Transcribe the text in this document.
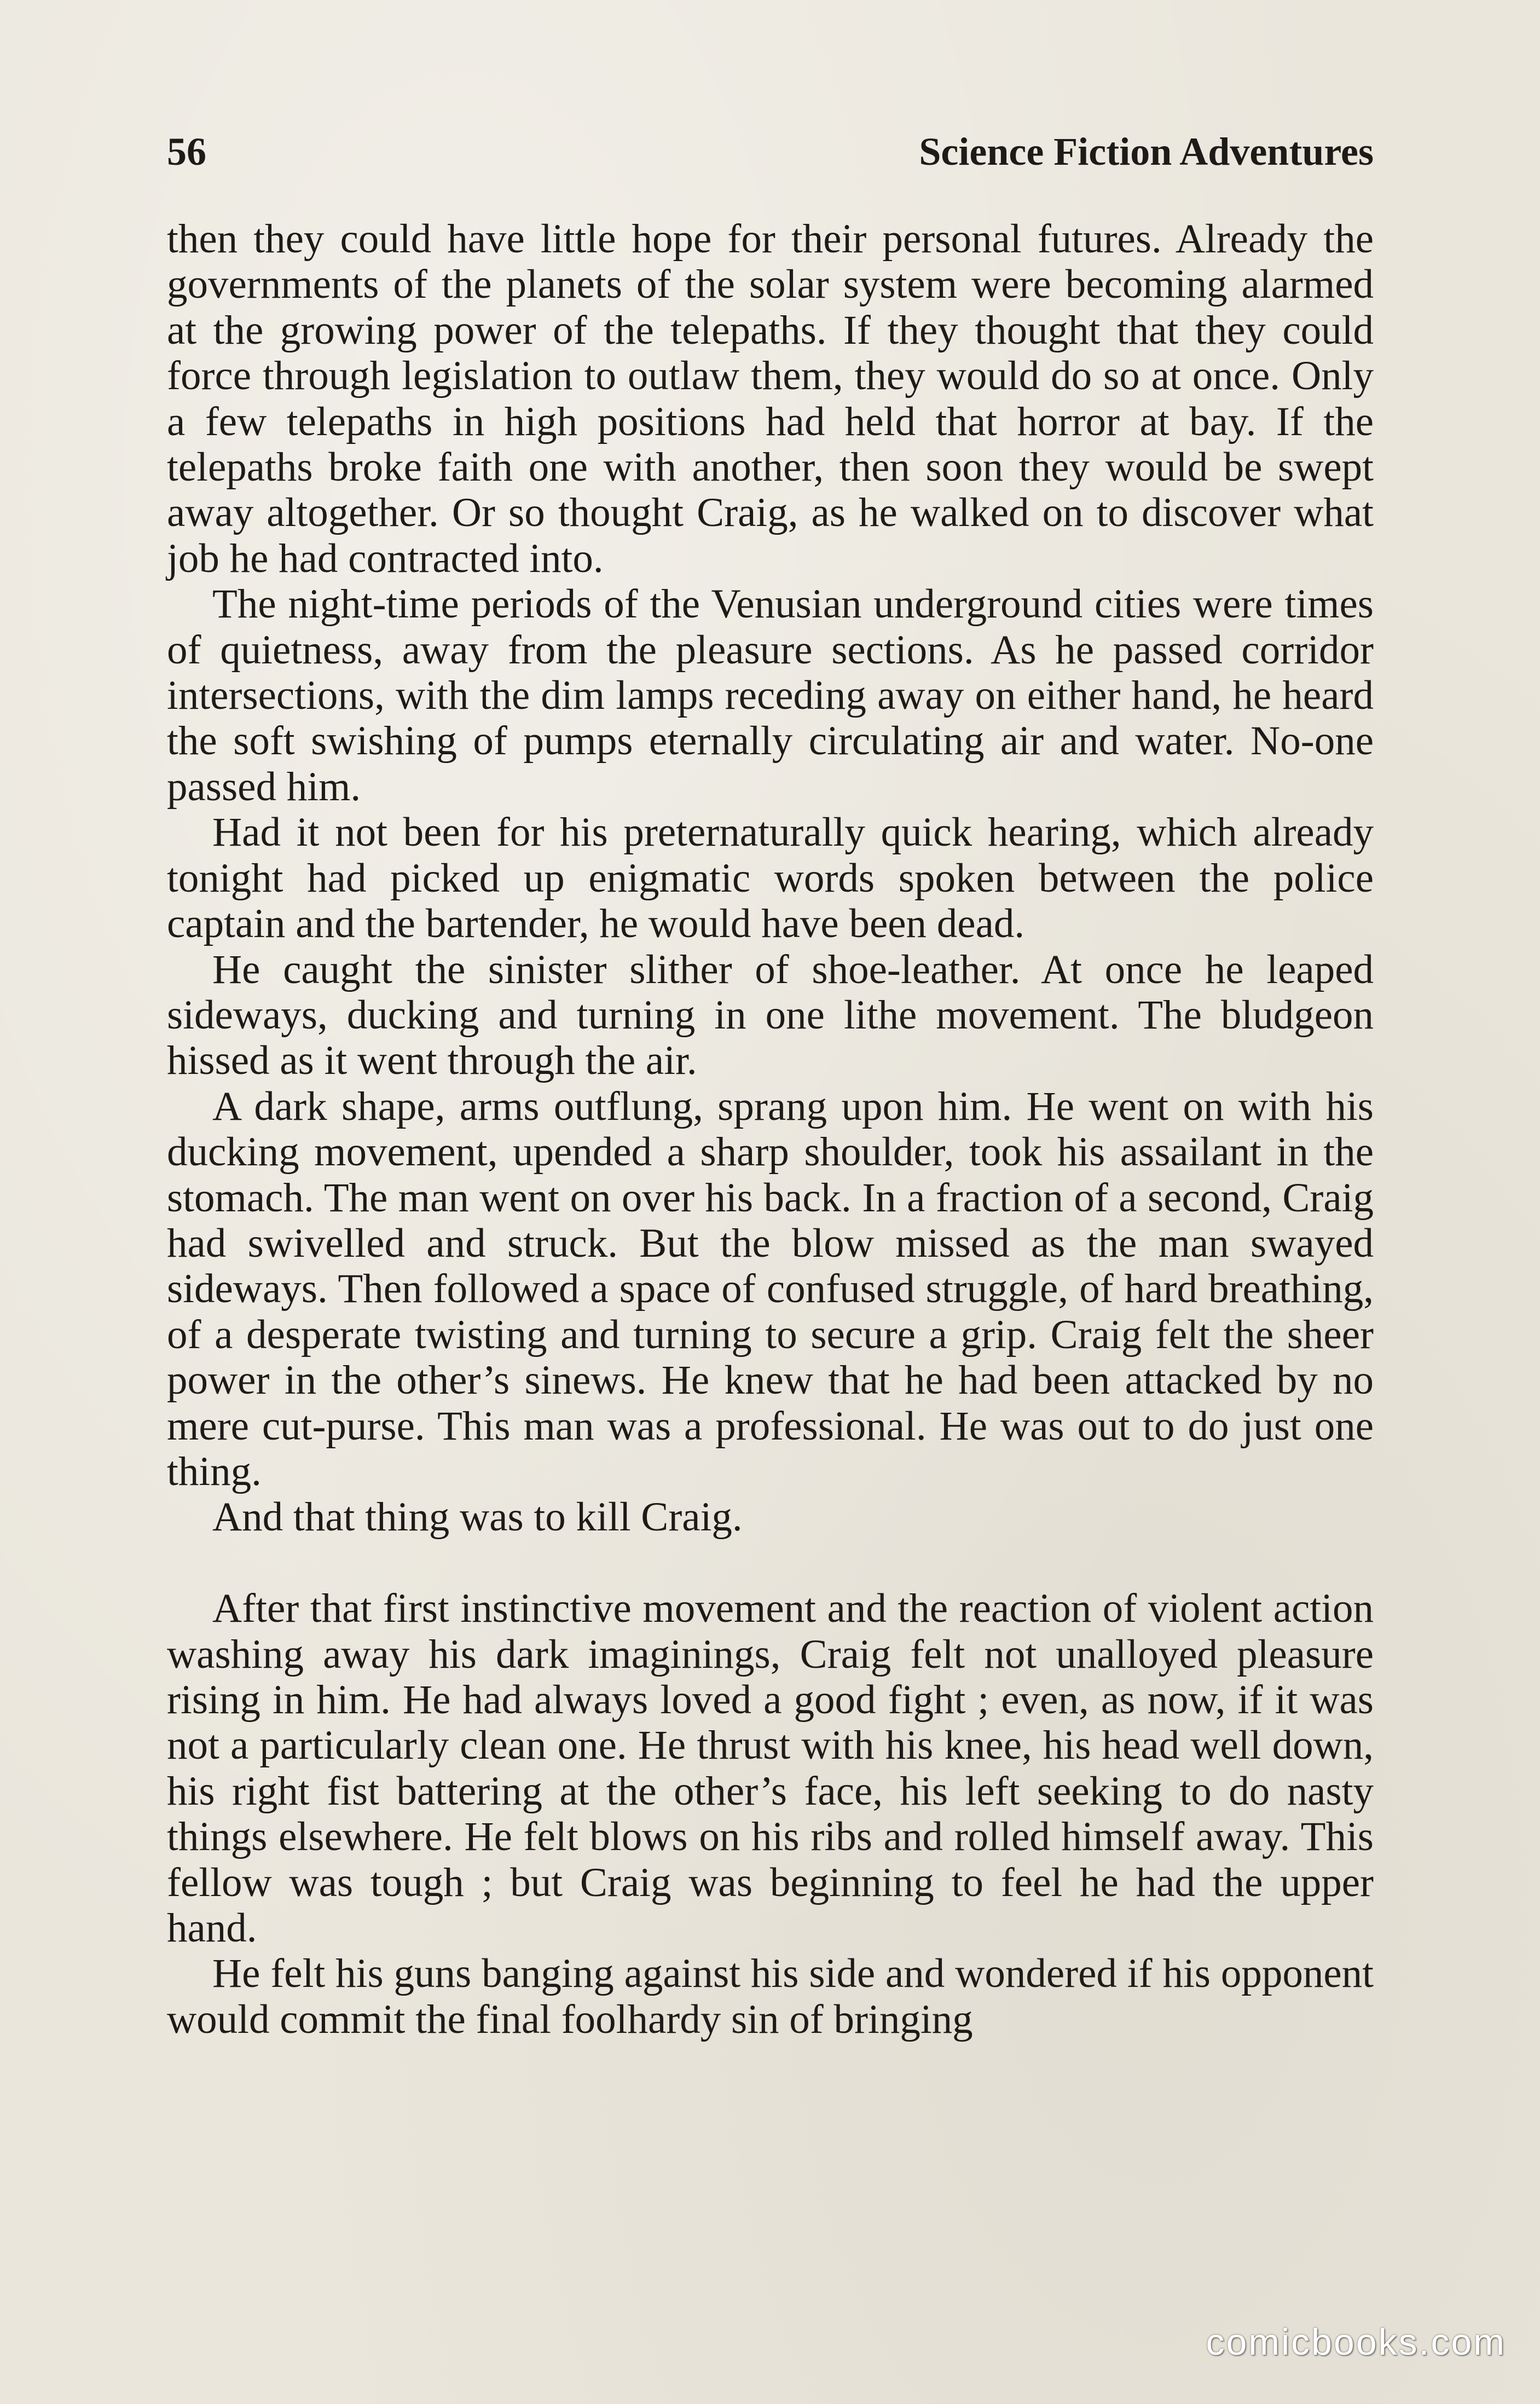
56	Science Fiction Adventures

then they could have little hope for their personal futures. Already the governments of the planets of the solar system were becoming alarmed at the growing power of the telepaths. If they thought that they could force through legislation to outlaw them, they would do so at once. Only a few telepaths in high positions had held that horror at bay. If the telepaths broke faith one with another, then soon they would be swept away altogether. Or so thought Craig, as he walked on to discover what job he had contracted into.

The night-time periods of the Venusian underground cities were times of quietness, away from the pleasure sections. As he passed corridor intersections, with the dim lamps receding away on either hand, he heard the soft swishing of pumps eternally circulating air and water. No-one passed him.

Had it not been for his preternaturally quick hearing, which already tonight had picked up enigmatic words spoken between the police captain and the bartender, he would have been dead.

He caught the sinister slither of shoe-leather. At once he leaped sideways, ducking and turning in one lithe movement. The bludgeon hissed as it went through the air.

A dark shape, arms outflung, sprang upon him. He went on with his ducking movement, upended a sharp shoulder, took his assailant in the stomach. The man went on over his back. In a fraction of a second, Craig had swivelled and struck. But the blow missed as the man swayed sideways. Then followed a space of confused struggle, of hard breathing, of a desperate twisting and turning to secure a grip. Craig felt the sheer power in the other’s sinews. He knew that he had been attacked by no mere cut-purse. This man was a professional. He was out to do just one thing.

And that thing was to kill Craig.

After that first instinctive movement and the reaction of violent action washing away his dark imaginings, Craig felt not unalloyed pleasure rising in him. He had always loved a good fight ; even, as now, if it was not a particularly clean one. He thrust with his knee, his head well down, his right fist battering at the other’s face, his left seeking to do nasty things elsewhere. He felt blows on his ribs and rolled himself away. This fellow was tough ; but Craig was beginning to feel he had the upper hand.

He felt his guns banging against his side and wondered if his opponent would commit the final foolhardy sin of bringing

comicbooks.com
